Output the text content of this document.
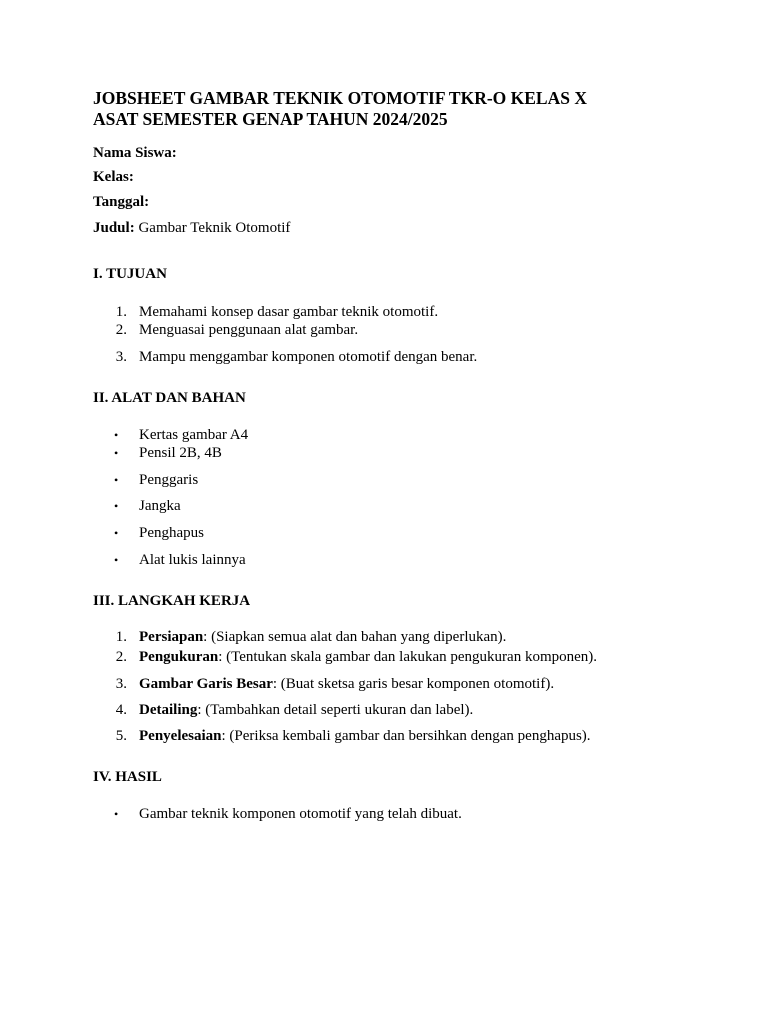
JOBSHEET GAMBAR TEKNIK OTOMOTIF TKR-O KELAS X
ASAT SEMESTER GENAP TAHUN 2024/2025
Nama Siswa:
Kelas:
Tanggal:
Judul: Gambar Teknik Otomotif
I. TUJUAN
1. Memahami konsep dasar gambar teknik otomotif.
2. Menguasai penggunaan alat gambar.
3. Mampu menggambar komponen otomotif dengan benar.
II. ALAT DAN BAHAN
• Kertas gambar A4
• Pensil 2B, 4B
• Penggaris
• Jangka
• Penghapus
• Alat lukis lainnya
III. LANGKAH KERJA
1. Persiapan: (Siapkan semua alat dan bahan yang diperlukan).
2. Pengukuran: (Tentukan skala gambar dan lakukan pengukuran komponen).
3. Gambar Garis Besar: (Buat sketsa garis besar komponen otomotif).
4. Detailing: (Tambahkan detail seperti ukuran dan label).
5. Penyelesaian: (Periksa kembali gambar dan bersihkan dengan penghapus).
IV. HASIL
• Gambar teknik komponen otomotif yang telah dibuat.
